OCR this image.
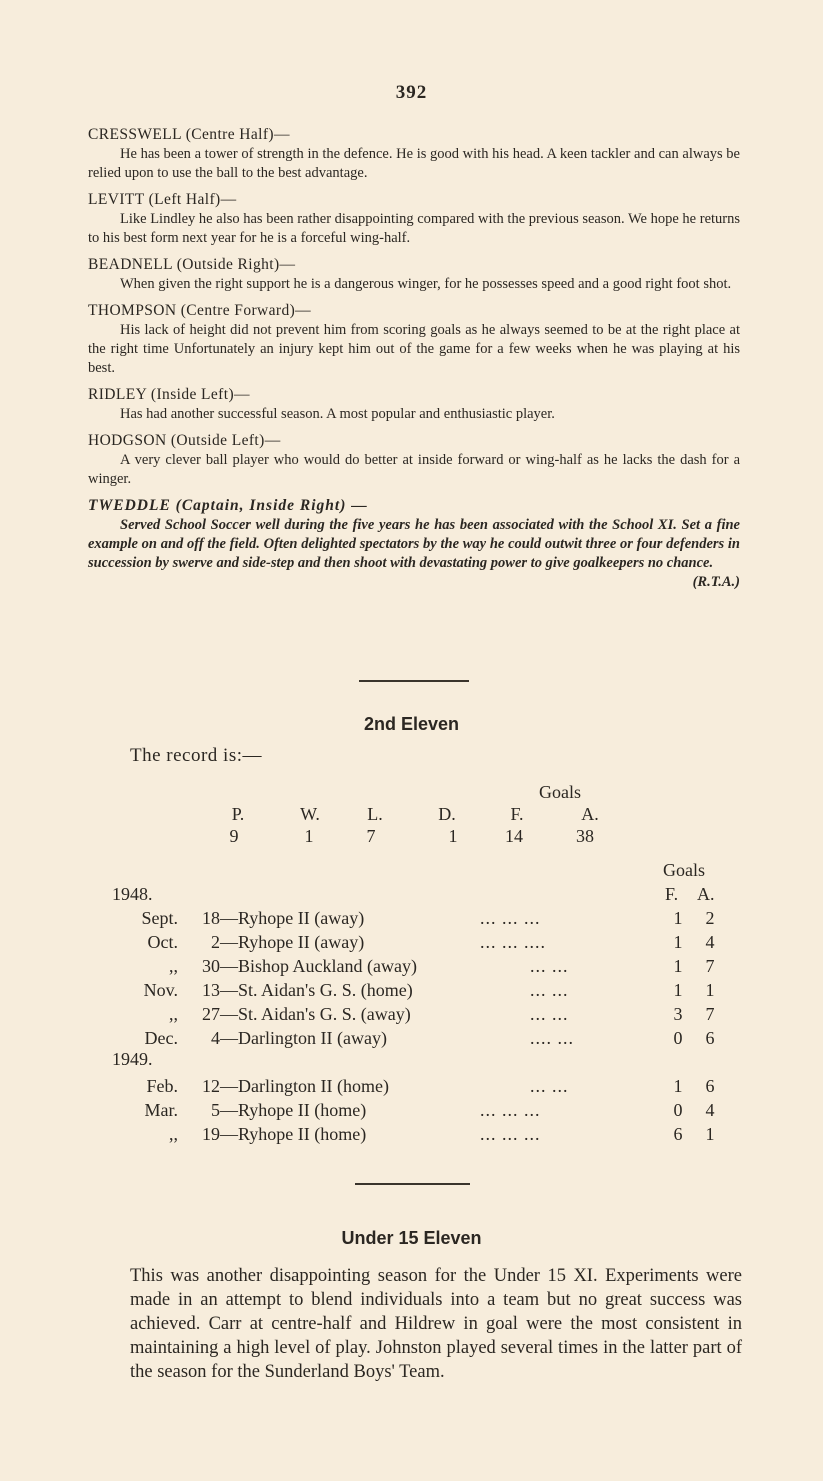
392
CRESSWELL (Centre Half)—
He has been a tower of strength in the defence. He is good with his head. A keen tackler and can always be relied upon to use the ball to the best advantage.
LEVITT (Left Half)—
Like Lindley he also has been rather disappointing compared with the previous season. We hope he returns to his best form next year for he is a forceful wing-half.
BEADNELL (Outside Right)—
When given the right support he is a dangerous winger, for he possesses speed and a good right foot shot.
THOMPSON (Centre Forward)—
His lack of height did not prevent him from scoring goals as he always seemed to be at the right place at the right time Unfortunately an injury kept him out of the game for a few weeks when he was playing at his best.
RIDLEY (Inside Left)—
Has had another successful season. A most popular and enthusiastic player.
HODGSON (Outside Left)—
A very clever ball player who would do better at inside forward or wing-half as he lacks the dash for a winger.
TWEDDLE (Captain, Inside Right) —
Served School Soccer well during the five years he has been associated with the School XI. Set a fine example on and off the field. Often delighted spectators by the way he could outwit three or four defenders in succession by swerve and side-step and then shoot with devastating power to give goalkeepers no chance.
(R.T.A.)
2nd Eleven
The record is:—
Goals
P.	W.	L.	D.	F.	A.
9	1	7	1	14	38
Goals
F. A.
1948.
Sept.	18 —Ryhope II (away)	... ... ...	1 2
Oct.	2 —Ryhope II (away)	... ... ....	1 4
,,	30 —Bishop Auckland (away)	... ...	1 7
Nov.	13 —St. Aidan's G. S. (home)	... ...	1 1
,,	27 —St. Aidan's G. S. (away)	... ...	3 7
Dec.	4 —Darlington II (away)	.... ...	0 6
1949.
Feb.	12 —Darlington II (home)	... ...	1 6
Mar.	5 —Ryhope II (home)	... ... ...	0 4
,,	19 —Ryhope II (home)	... ... ...	6 1
Under 15 Eleven
This was another disappointing season for the Under 15 XI. Experiments were made in an attempt to blend individuals into a team but no great success was achieved. Carr at centre-half and Hildrew in goal were the most consistent in maintaining a high level of play. Johnston played several times in the latter part of the season for the Sunderland Boys' Team.
